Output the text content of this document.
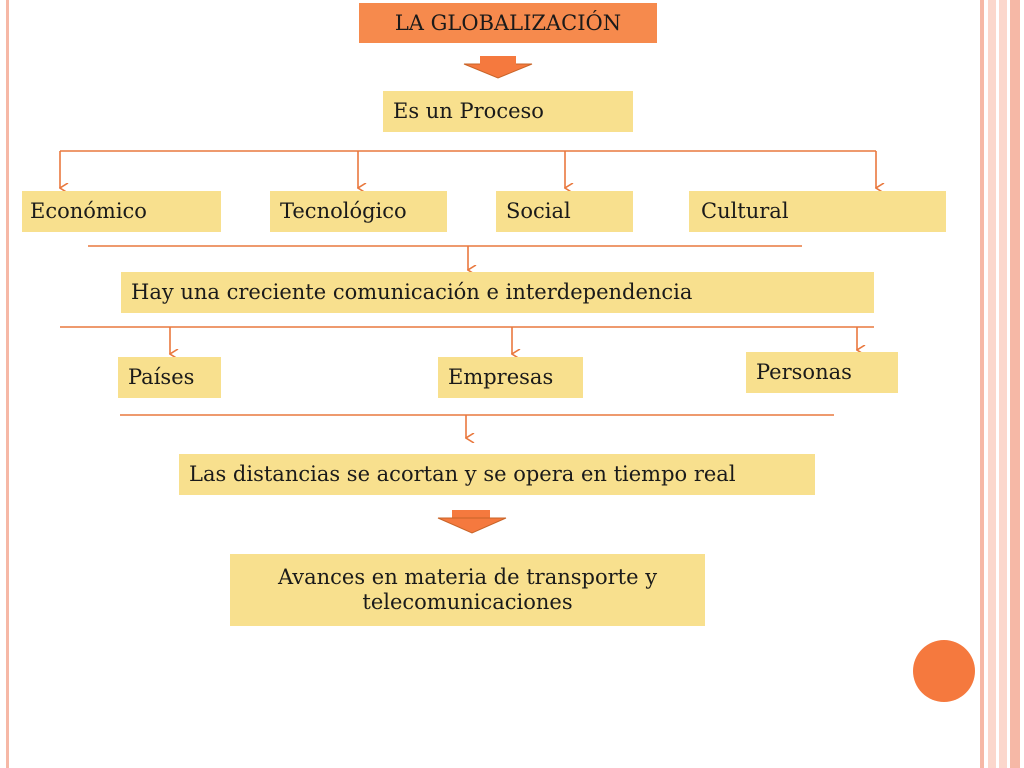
LA GLOBALIZACIÓN
Es un Proceso
Económico	Tecnológico	Social	Cultural
Hay una creciente comunicación e interdependencia
Países	Empresas	Personas
Las distancias se acortan y se opera en tiempo real
Avances en materia de transporte y telecomunicaciones
